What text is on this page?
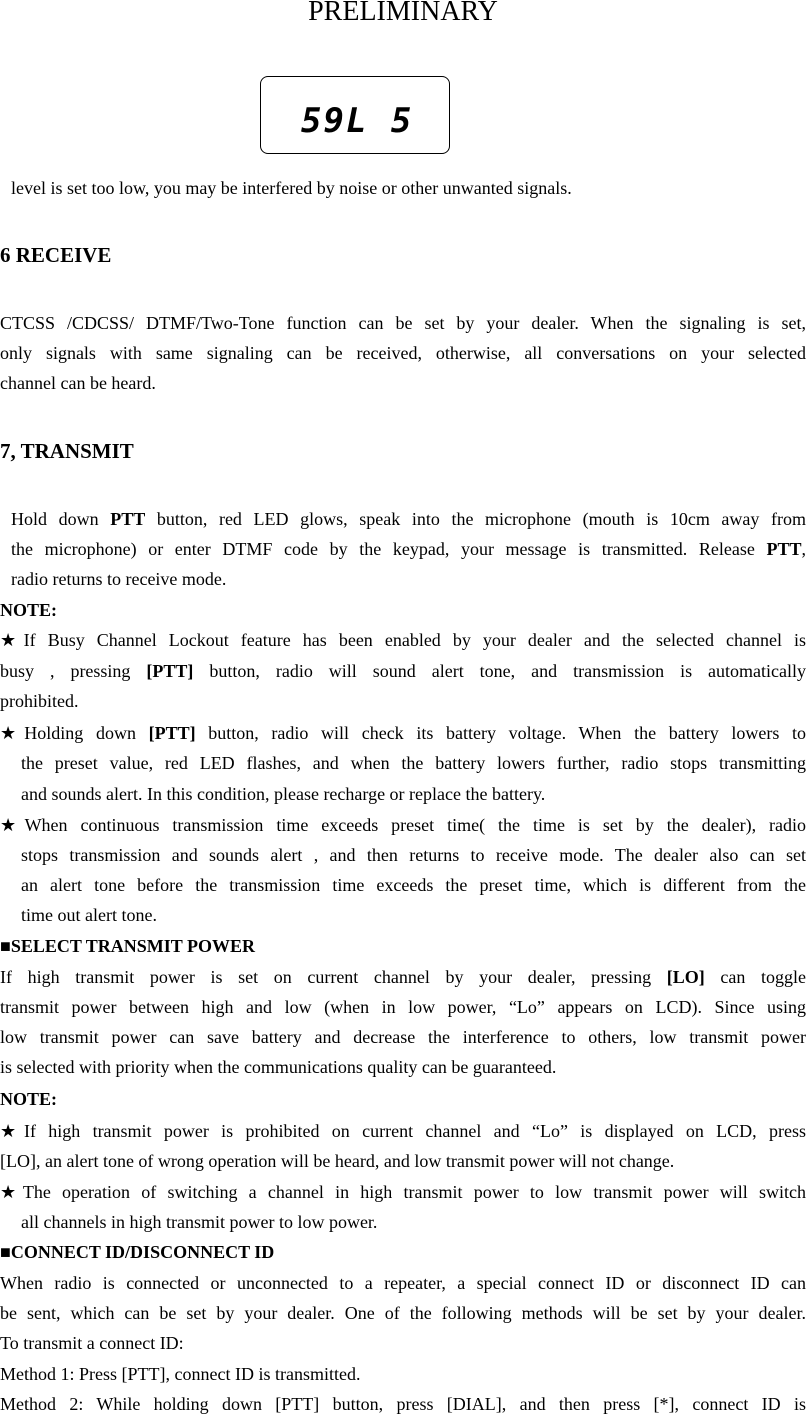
PRELIMINARY
59L 5
level is set too low, you may be interfered by noise or other unwanted signals.
6 RECEIVE
CTCSS /CDCSS/ DTMF/Two-Tone function can be set by your dealer. When the signaling is set,
only signals with same signaling can be received, otherwise, all conversations on your selected
channel can be heard.
7, TRANSMIT
Hold down PTT button, red LED glows, speak into the microphone (mouth is 10cm away from
the microphone) or enter DTMF code by the keypad, your message is transmitted. Release PTT,
radio returns to receive mode.
NOTE:
★If Busy Channel Lockout feature has been enabled by your dealer and the selected channel is
busy , pressing [PTT] button, radio will sound alert tone, and transmission is automatically
prohibited.
★Holding down [PTT] button, radio will check its battery voltage. When the battery lowers to
the preset value, red LED flashes, and when the battery lowers further, radio stops transmitting
and sounds alert. In this condition, please recharge or replace the battery.
★When continuous transmission time exceeds preset time( the time is set by the dealer), radio
stops transmission and sounds alert , and then returns to receive mode. The dealer also can set
an alert tone before the transmission time exceeds the preset time, which is different from the
time out alert tone.
■SELECT TRANSMIT POWER
If high transmit power is set on current channel by your dealer, pressing [LO] can toggle
transmit power between high and low (when in low power, “Lo” appears on LCD). Since using
low transmit power can save battery and decrease the interference to others, low transmit power
is selected with priority when the communications quality can be guaranteed.
NOTE:
★If high transmit power is prohibited on current channel and “Lo” is displayed on LCD, press
[LO], an alert tone of wrong operation will be heard, and low transmit power will not change.
★The operation of switching a channel in high transmit power to low transmit power will switch
all channels in high transmit power to low power.
■CONNECT ID/DISCONNECT ID
When radio is connected or unconnected to a repeater, a special connect ID or disconnect ID can
be sent, which can be set by your dealer. One of the following methods will be set by your dealer.
To transmit a connect ID:
Method 1: Press [PTT], connect ID is transmitted.
Method 2: While holding down [PTT] button, press [DIAL], and then press [*], connect ID is
